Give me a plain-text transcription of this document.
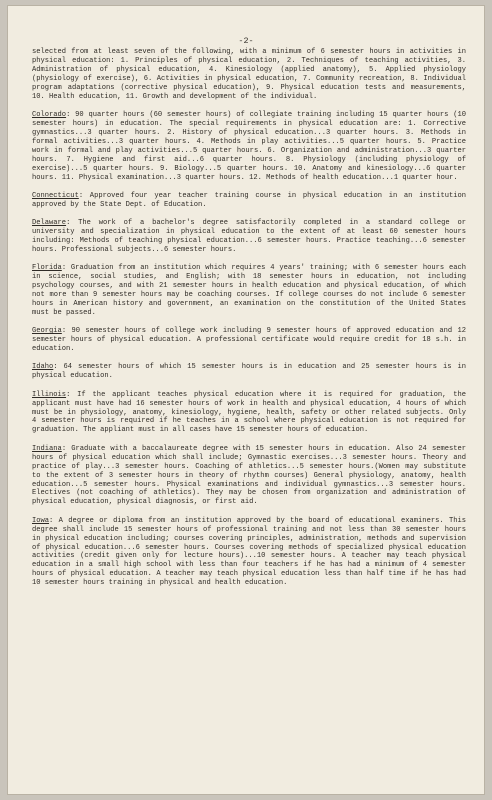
-2-

selected from at least seven of the following, with a minimum of 6 semester hours in activities in physical education: 1. Principles of physical education, 2. Techniques of teaching activities, 3. Administration of physical education, 4. Kinesiology (applied anatomy), 5. Applied physiology (physiology of exercise), 6. Activities in physical education, 7. Community recreation, 8. Individual program adaptations (corrective physical education), 9. Physical education tests and measurements, 10. Health education, 11. Growth and development of the individual.

Colorado: 90 quarter hours (60 semester hours) of collegiate training including 15 quarter hours (10 semester hours) in education. The special requirements in physical education are: 1. Corrective gymnastics...3 quarter hours. 2. History of physical education...3 quarter hours. 3. Methods in formal activities...3 quarter hours. 4. Methods in play activities...5 quarter hours. 5. Practice work in formal and play activities...5 quarter hours. 6. Organization and administration...3 quarter hours. 7. Hygiene and first aid...6 quarter hours. 8. Physiology (including physiology of exercise)...5 quarter hours. 9. Biology...5 quarter hours. 10. Anatomy and kinesiology...6 quarter hours. 11. Physical examination...3 quarter hours. 12. Methods of health education...1 quarter hour.

Connecticut: Approved four year teacher training course in physical education in an institution approved by the State Dept. of Education.

Delaware: The work of a bachelor's degree satisfactorily completed in a standard college or university and specialization in physical education to the extent of at least 60 semester hours including: Methods of teaching physical education...6 semester hours. Practice teaching...6 semester hours. Professional subjects...6 semester hours.

Florida: Graduation from an institution which requires 4 years' training; with 6 semester hours each in science, social studies, and English; with 18 semester hours in education, not including psychology courses, and with 21 semester hours in health education and physical education, of which not more than 9 semester hours may be coaching courses. If college courses do not include 6 semester hours in American history and government, an examination on the constitution of the United States must be passed.

Georgia: 90 semester hours of college work including 9 semester hours of approved education and 12 semester hours of physical education. A professional certificate would require credit for 18 s.h. in education.

Idaho: 64 semester hours of which 15 semester hours is in education and 25 semester hours is in physical education.

Illinois: If the applicant teaches physical education where it is required for graduation, the applicant must have had 16 semester hours of work in health and physical education, 4 hours of which must be in physiology, anatomy, kinesiology, hygiene, health, safety or other related subjects. Only 4 semester hours is required if he teaches in a school where physical education is not required for graduation. The appliant must in all cases have 15 semester hours of education.

Indiana: Graduate with a baccalaureate degree with 15 semester hours in education. Also 24 semester hours of physical education which shall include; Gymnastic exercises...3 semester hours. Theory and practice of play...3 semester hours. Coaching of athletics...5 semester hours.(Women may substitute to the extent of 3 semester hours in theory of rhythm courses) General physiology, anatomy, health education...5 semester hours. Physical examinations and individual gymnastics...3 semester hours. Electives (not coaching of athletics). They may be chosen from organization and administration of physical education, physical diagnosis, or first aid.

Iowa: A degree or diploma from an institution approved by the board of educational examiners. This degree shall include 15 semester hours of professional training and not less than 30 semester hours in physical education including; courses covering principles, administration, methods and supervision of physical education...6 semester hours. Courses covering methods of specialized physical education activities (credit given only for lecture hours)...10 semester hours. A teacher may teach physical education in a small high school with less than four teachers if he has had a minimum of 4 semester hours of physical education. A teacher may teach physical education less than half time if he has had 10 semester hours training in physical and health education.
